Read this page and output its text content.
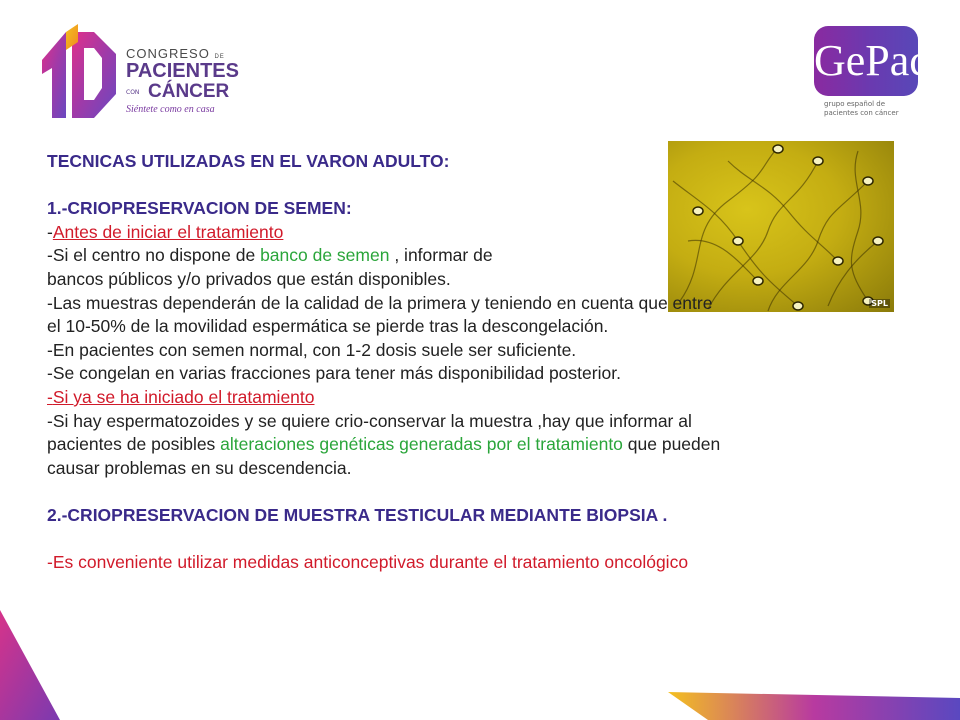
CONGRESO DE
PACIENTES
CON CÁNCER
Siéntete como en casa
GePac
grupo español de
pacientes con cáncer
SPL

TECNICAS UTILIZADAS EN EL VARON ADULTO:

1.-CRIOPRESERVACION DE SEMEN:

-Antes de iniciar el tratamiento

-Si el centro no dispone de banco de semen , informar de

bancos públicos y/o privados que están disponibles.

-Las muestras dependerán de la calidad de la primera y teniendo en cuenta que entre

el 10-50% de la movilidad espermática se pierde tras la descongelación.

-En pacientes con semen normal, con 1-2 dosis suele ser suficiente.

-Se congelan en varias fracciones para tener más disponibilidad posterior.

-Si ya se ha iniciado el tratamiento

-Si hay espermatozoides y se quiere crio-conservar la muestra ,hay que informar al

pacientes de posibles alteraciones genéticas generadas por el tratamiento que pueden

causar problemas en su descendencia.

2.-CRIOPRESERVACION DE MUESTRA TESTICULAR MEDIANTE BIOPSIA .

-Es conveniente utilizar medidas anticonceptivas durante el tratamiento oncológico
